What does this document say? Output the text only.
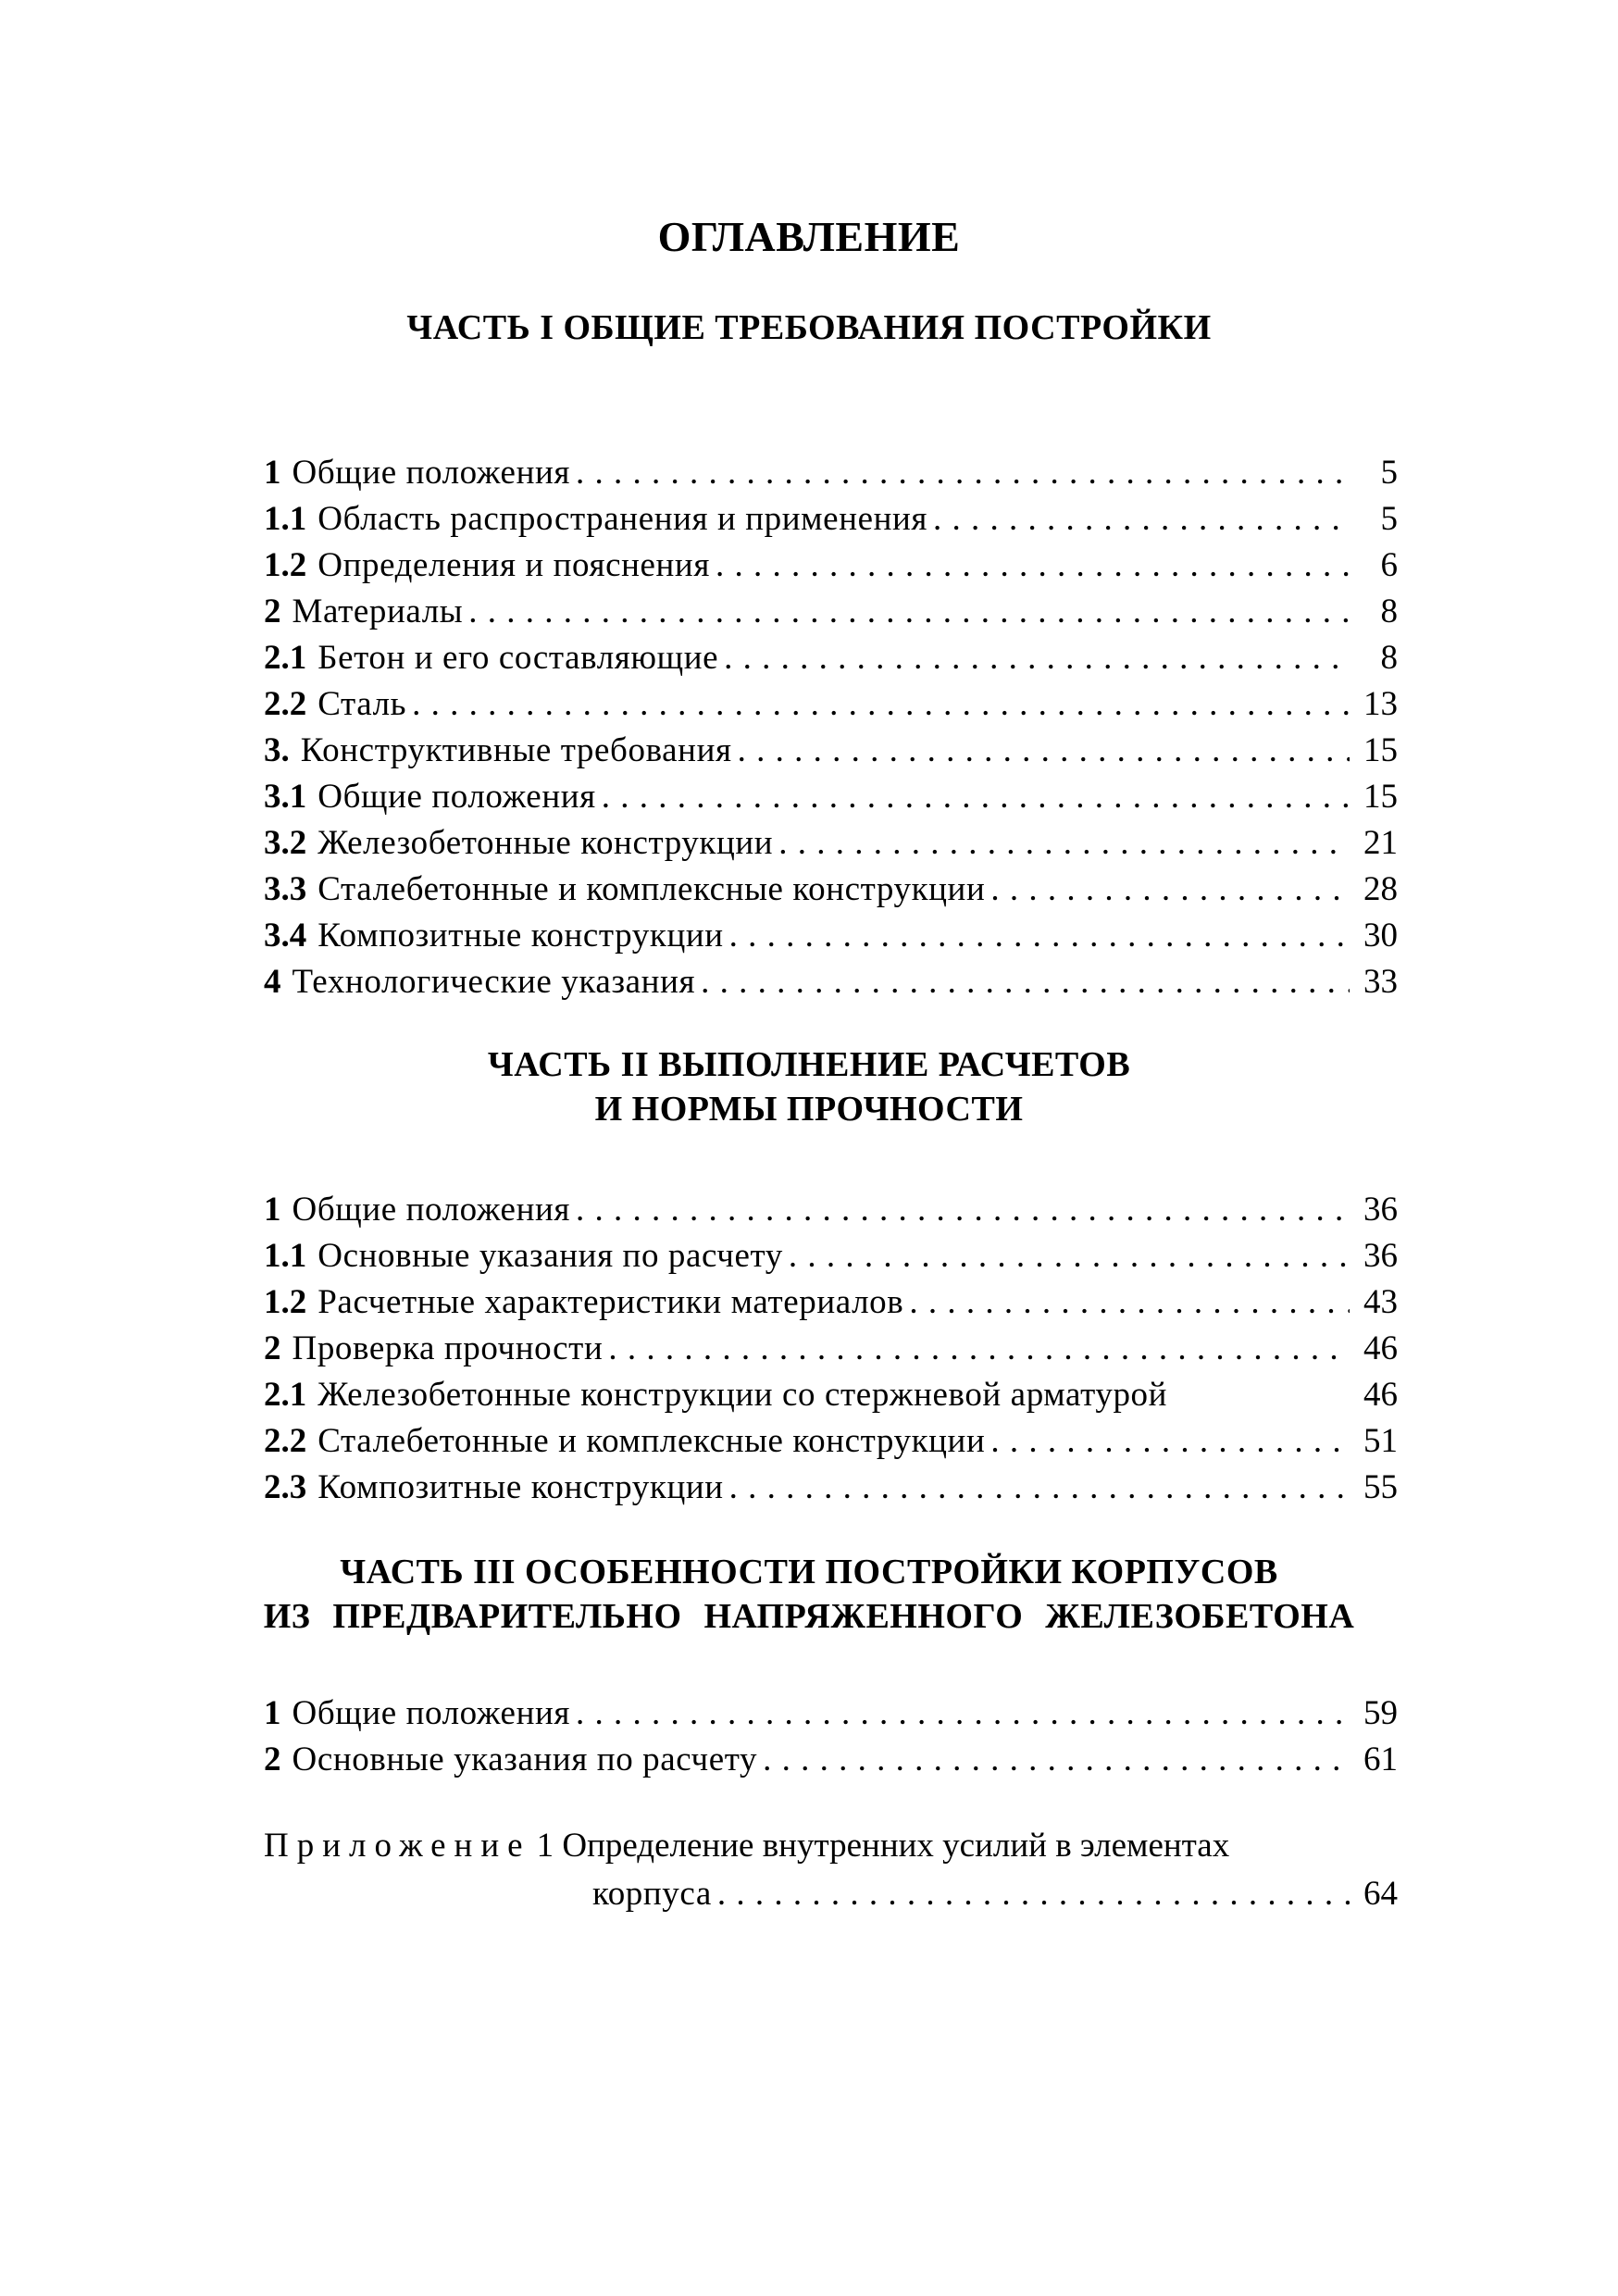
ОГЛАВЛЕНИЕ
ЧАСТЬ I ОБЩИЕ ТРЕБОВАНИЯ ПОСТРОЙКИ
1 Общие положения . . .	5
1.1 Область распространения и применения . . .	5
1.2 Определения и пояснения . . .	6
2 Материалы . . .	8
2.1 Бетон и его составляющие . . .	8
2.2 Сталь . . .	13
3. Конструктивные требования . . .	15
3.1 Общие положения . . .	15
3.2 Железобетонные конструкции . . .	21
3.3 Сталебетонные и комплексные конструкции . . .	28
3.4 Композитные конструкции . . .	30
4 Технологические указания . . .	33
ЧАСТЬ II ВЫПОЛНЕНИЕ РАСЧЕТОВ
И НОРМЫ ПРОЧНОСТИ
1 Общие положения . . .	36
1.1 Основные указания по расчету . . .	36
1.2 Расчетные характеристики материалов . . .	43
2 Проверка прочности . . .	46
2.1 Железобетонные конструкции со стержневой арматурой	46
2.2 Сталебетонные и комплексные конструкции . . .	51
2.3 Композитные конструкции . . .	55
ЧАСТЬ III ОСОБЕННОСТИ ПОСТРОЙКИ КОРПУСОВ
ИЗ ПРЕДВАРИТЕЛЬНО НАПРЯЖЕННОГО ЖЕЛЕЗОБЕТОНА
1 Общие положения . . .	59
2 Основные указания по расчету . . .	61
Приложение 1 Определение внутренних усилий в элементах
корпуса . . .	64
